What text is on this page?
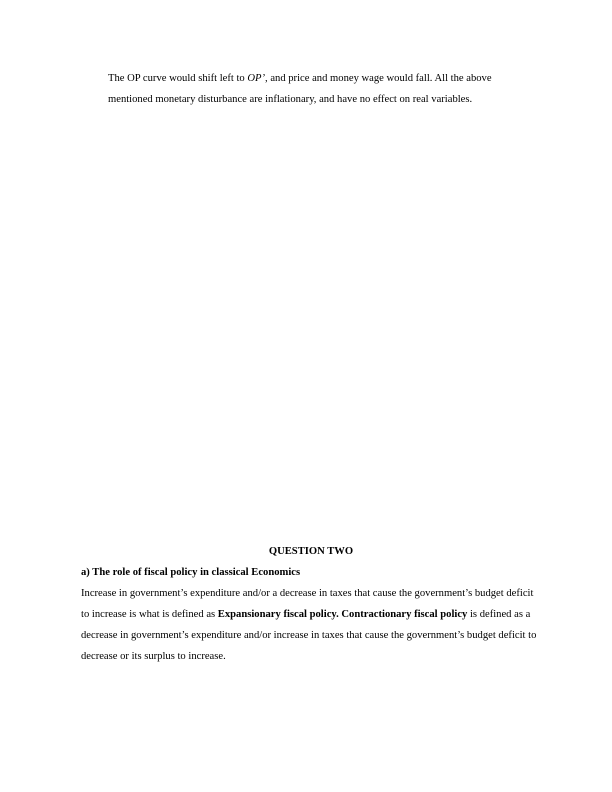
The OP curve would shift left to OP’, and price and money wage would fall. All the above mentioned monetary disturbance are inflationary, and have no effect on real variables.

QUESTION TWO

a) The role of fiscal policy in classical Economics

Increase in government’s expenditure and/or a decrease in taxes that cause the government’s budget deficit to increase is what is defined as Expansionary fiscal policy. Contractionary fiscal policy is defined as a decrease in government’s expenditure and/or increase in taxes that cause the government’s budget deficit to decrease or its surplus to increase.
